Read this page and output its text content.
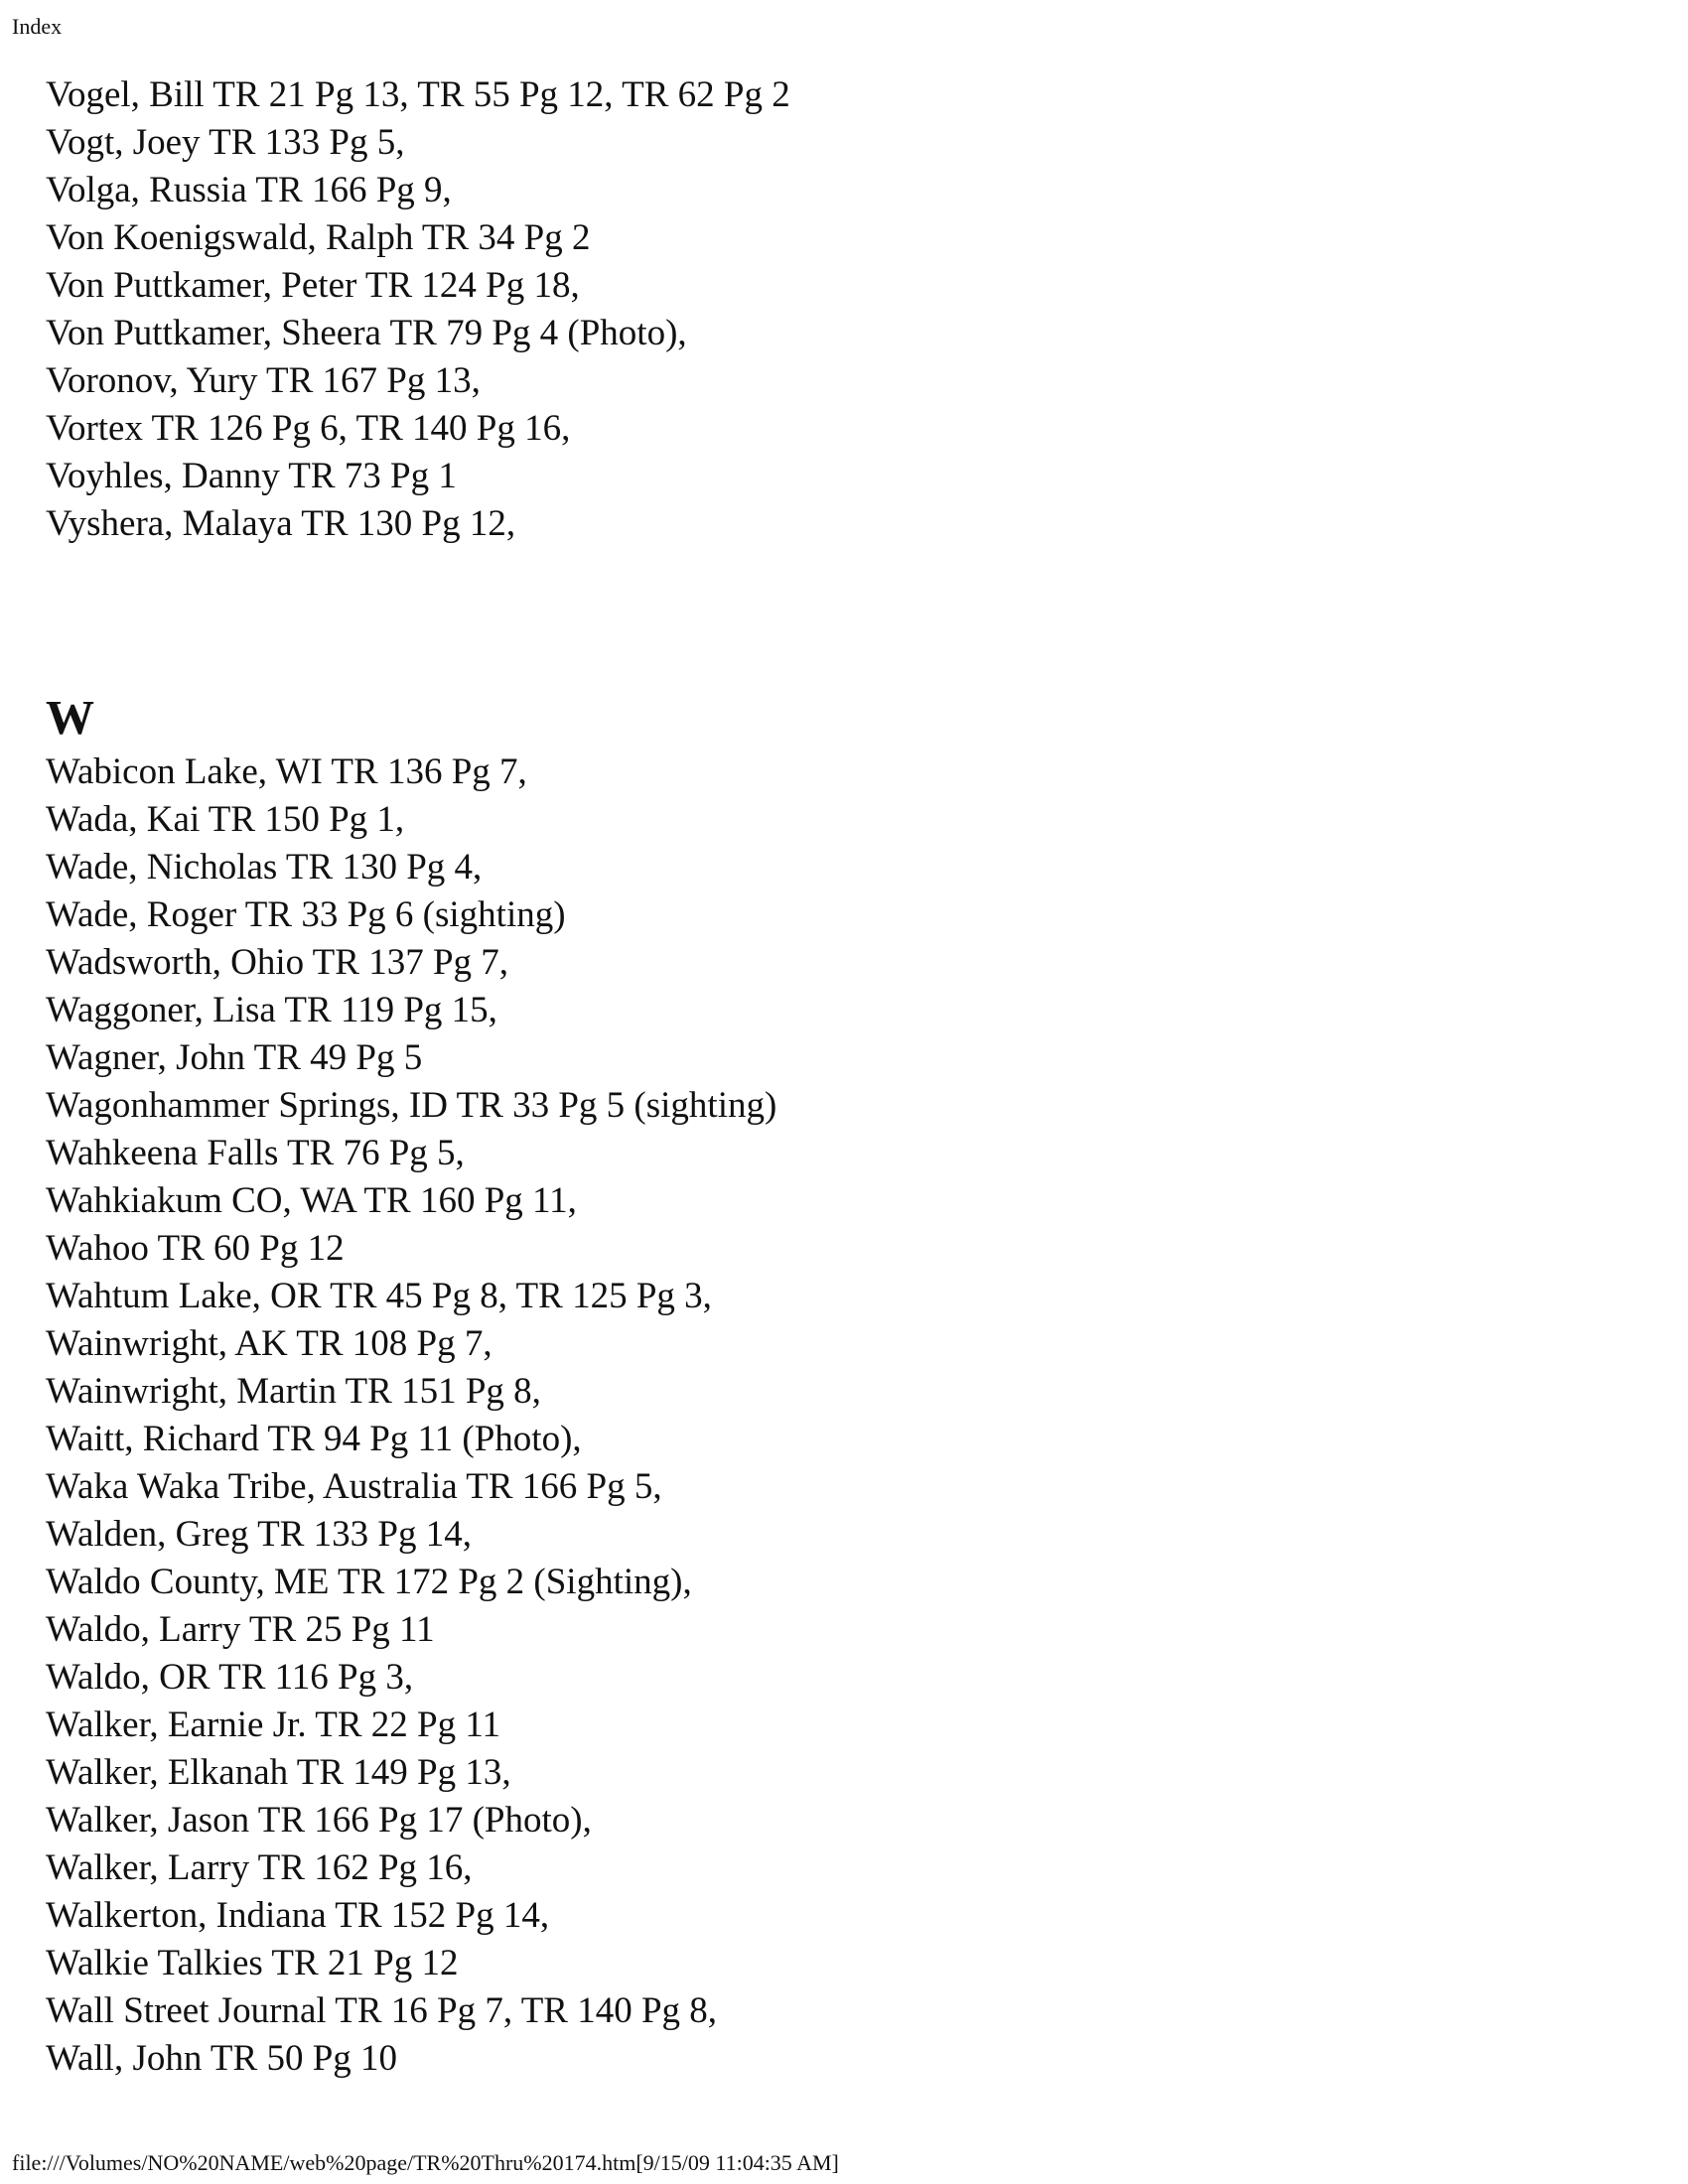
Index
Vogel, Bill TR 21 Pg 13, TR 55 Pg 12, TR 62 Pg 2
Vogt, Joey TR 133 Pg 5,
Volga, Russia TR 166 Pg 9,
Von Koenigswald, Ralph TR 34 Pg 2
Von Puttkamer, Peter TR 124 Pg 18,
Von Puttkamer, Sheera TR 79 Pg 4 (Photo),
Voronov, Yury TR 167 Pg 13,
Vortex TR 126 Pg 6, TR 140 Pg 16,
Voyhles, Danny TR 73 Pg 1
Vyshera, Malaya TR 130 Pg 12,
W
Wabicon Lake, WI TR 136 Pg 7,
Wada, Kai TR 150 Pg 1,
Wade, Nicholas TR 130 Pg 4,
Wade, Roger TR 33 Pg 6 (sighting)
Wadsworth, Ohio TR 137 Pg 7,
Waggoner, Lisa TR 119 Pg 15,
Wagner, John TR 49 Pg 5
Wagonhammer Springs, ID TR 33 Pg 5 (sighting)
Wahkeena Falls TR 76 Pg 5,
Wahkiakum CO, WA TR 160 Pg 11,
Wahoo TR 60 Pg 12
Wahtum Lake, OR TR 45 Pg 8, TR 125 Pg 3,
Wainwright, AK TR 108 Pg 7,
Wainwright, Martin TR 151 Pg 8,
Waitt, Richard TR 94 Pg 11 (Photo),
Waka Waka Tribe, Australia TR 166 Pg 5,
Walden, Greg TR 133 Pg 14,
Waldo County, ME TR 172 Pg 2 (Sighting),
Waldo, Larry TR 25 Pg 11
Waldo, OR TR 116 Pg 3,
Walker, Earnie Jr. TR 22 Pg 11
Walker, Elkanah TR 149 Pg 13,
Walker, Jason TR 166 Pg 17 (Photo),
Walker, Larry TR 162 Pg 16,
Walkerton, Indiana TR 152 Pg 14,
Walkie Talkies TR 21 Pg 12
Wall Street Journal TR 16 Pg 7, TR 140 Pg 8,
Wall, John TR 50 Pg 10
file:///Volumes/NO%20NAME/web%20page/TR%20Thru%20174.htm[9/15/09 11:04:35 AM]
